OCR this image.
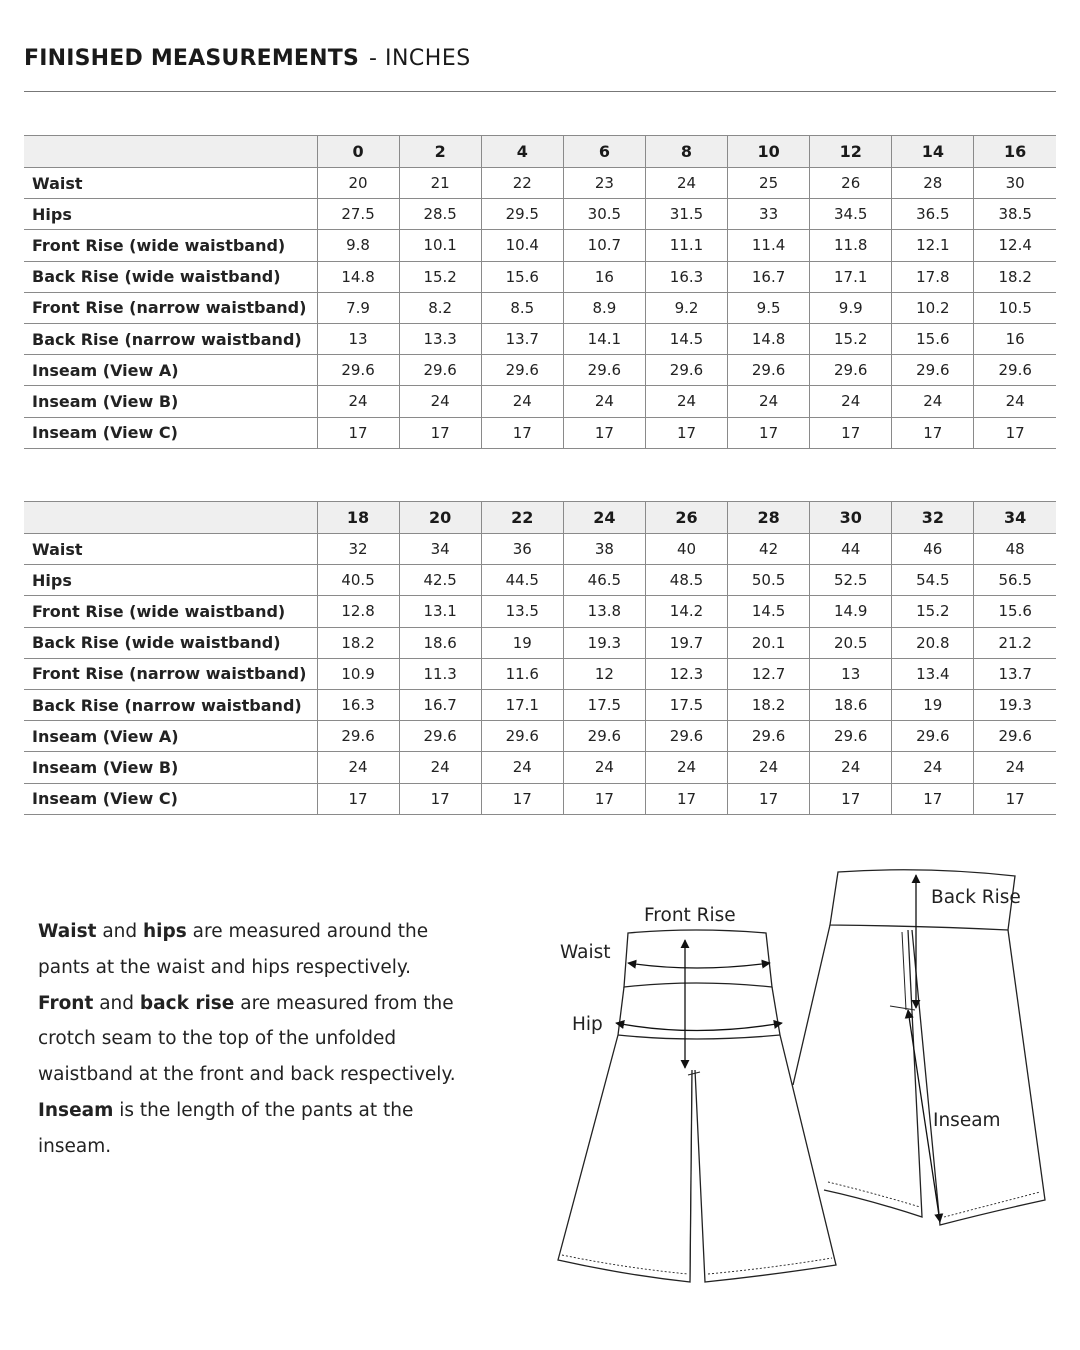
FINISHED MEASUREMENTS - INCHES
	0	2	4	6	8	10	12	14	16
Waist	20	21	22	23	24	25	26	28	30
Hips	27.5	28.5	29.5	30.5	31.5	33	34.5	36.5	38.5
Front Rise (wide waistband)	9.8	10.1	10.4	10.7	11.1	11.4	11.8	12.1	12.4
Back Rise (wide waistband)	14.8	15.2	15.6	16	16.3	16.7	17.1	17.8	18.2
Front Rise (narrow waistband)	7.9	8.2	8.5	8.9	9.2	9.5	9.9	10.2	10.5
Back Rise (narrow waistband)	13	13.3	13.7	14.1	14.5	14.8	15.2	15.6	16
Inseam (View A)	29.6	29.6	29.6	29.6	29.6	29.6	29.6	29.6	29.6
Inseam (View B)	24	24	24	24	24	24	24	24	24
Inseam (View C)	17	17	17	17	17	17	17	17	17
	18	20	22	24	26	28	30	32	34
Waist	32	34	36	38	40	42	44	46	48
Hips	40.5	42.5	44.5	46.5	48.5	50.5	52.5	54.5	56.5
Front Rise (wide waistband)	12.8	13.1	13.5	13.8	14.2	14.5	14.9	15.2	15.6
Back Rise (wide waistband)	18.2	18.6	19	19.3	19.7	20.1	20.5	20.8	21.2
Front Rise (narrow waistband)	10.9	11.3	11.6	12	12.3	12.7	13	13.4	13.7
Back Rise (narrow waistband)	16.3	16.7	17.1	17.5	17.5	18.2	18.6	19	19.3
Inseam (View A)	29.6	29.6	29.6	29.6	29.6	29.6	29.6	29.6	29.6
Inseam (View B)	24	24	24	24	24	24	24	24	24
Inseam (View C)	17	17	17	17	17	17	17	17	17
Waist and hips are measured around the pants at the waist and hips respectively. Front and back rise are measured from the crotch seam to the top of the unfolded waistband at the front and back respectively. Inseam is the length of the pants at the inseam.
Front Rise
Waist
Hip
Back Rise
Inseam
